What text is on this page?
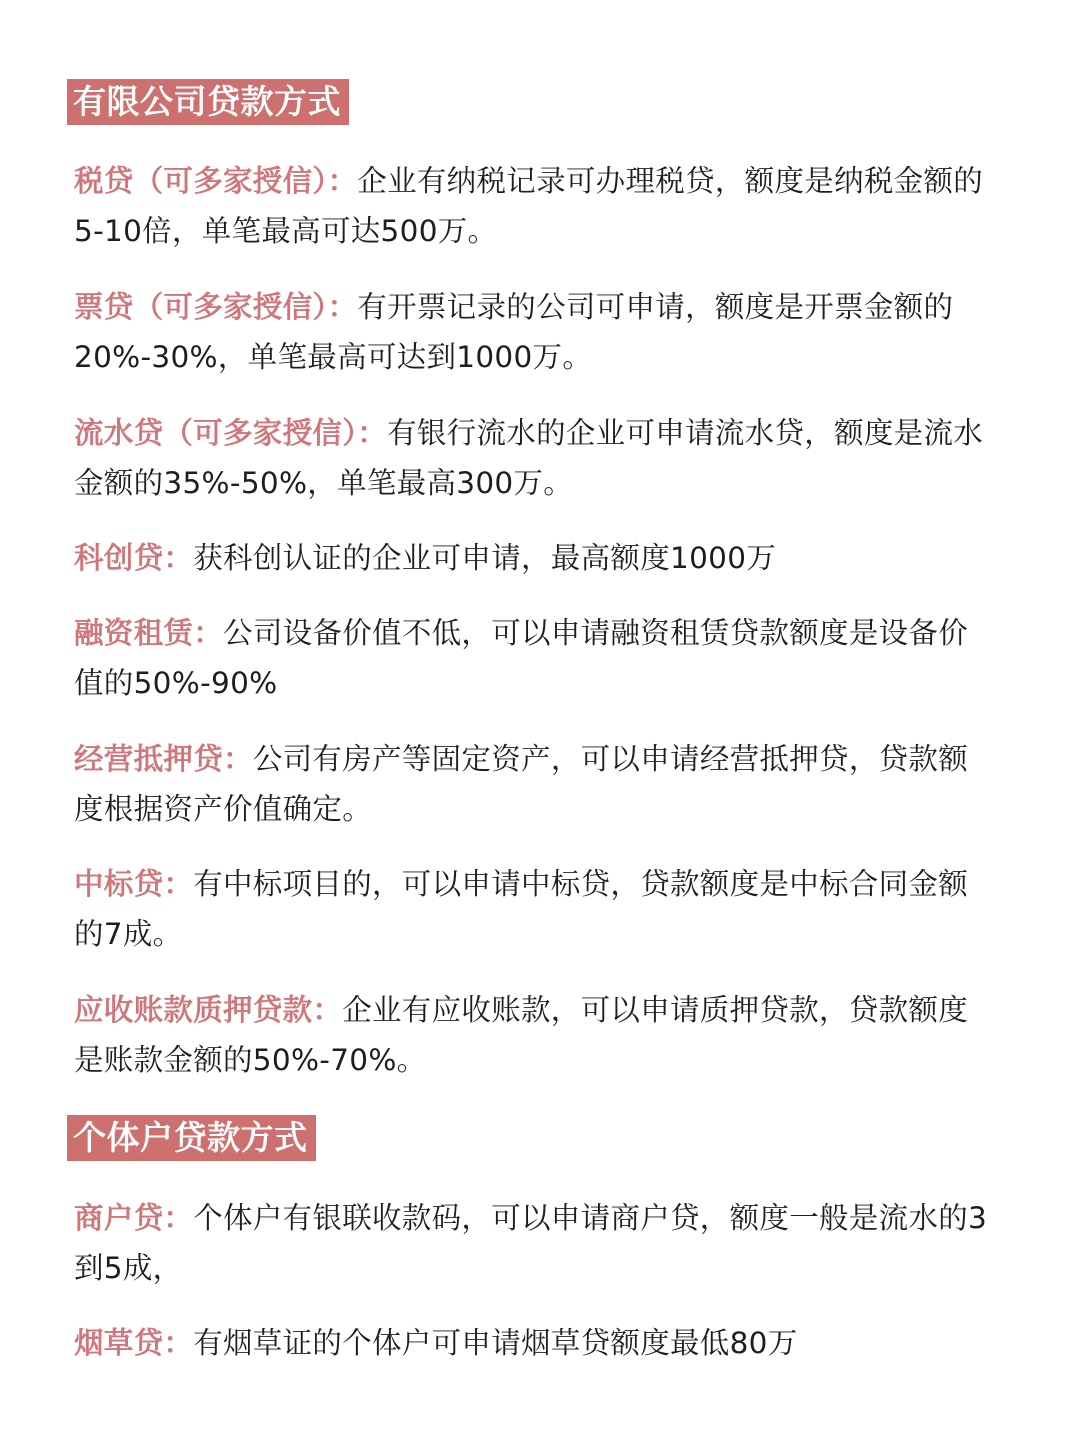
有限公司贷款方式

税贷（可多家授信）：企业有纳税记录可办理税贷，额度是纳税金额的5-10倍，单笔最高可达500万。

票贷（可多家授信）：有开票记录的公司可申请，额度是开票金额的20%-30%，单笔最高可达到1000万。

流水贷（可多家授信）：有银行流水的企业可申请流水贷，额度是流水金额的35%-50%，单笔最高300万。

科创贷：获科创认证的企业可申请，最高额度1000万

融资租赁：公司设备价值不低，可以申请融资租赁贷款额度是设备价值的50%-90%

经营抵押贷：公司有房产等固定资产，可以申请经营抵押贷，贷款额度根据资产价值确定。

中标贷：有中标项目的，可以申请中标贷，贷款额度是中标合同金额的7成。

应收账款质押贷款：企业有应收账款，可以申请质押贷款，贷款额度是账款金额的50%-70%。

个体户贷款方式

商户贷：个体户有银联收款码，可以申请商户贷，额度一般是流水的3到5成，

烟草贷：有烟草证的个体户可申请烟草贷额度最低80万
